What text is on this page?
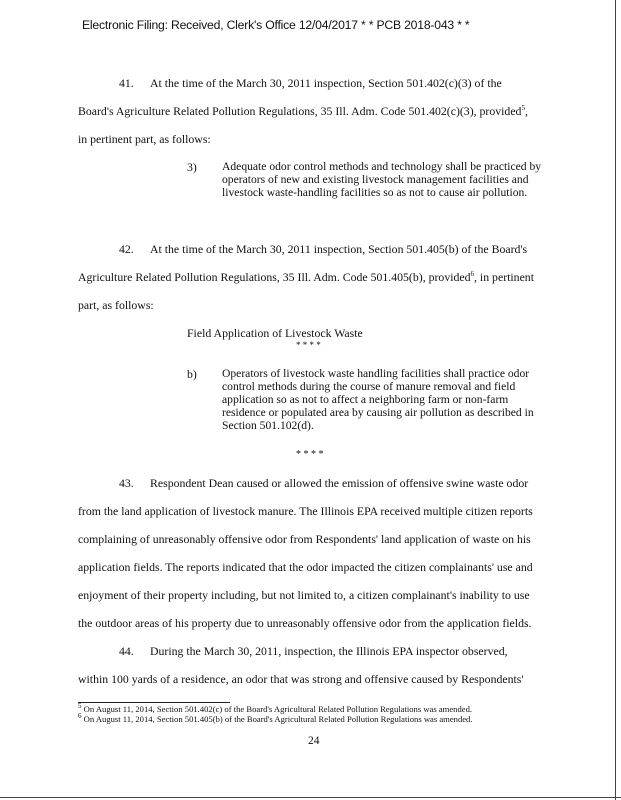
Electronic Filing: Received, Clerk's Office 12/04/2017 * * PCB 2018-043 * *
41. At the time of the March 30, 2011 inspection, Section 501.402(c)(3) of the
Board's Agriculture Related Pollution Regulations, 35 Ill. Adm. Code 501.402(c)(3), provided$^5$,
in pertinent part, as follows:
3) Adequate odor control methods and technology shall be practiced by operators of new and existing livestock management facilities and livestock waste-handling facilities so as not to cause air pollution.
42. At the time of the March 30, 2011 inspection, Section 501.405(b) of the Board's
Agriculture Related Pollution Regulations, 35 Ill. Adm. Code 501.405(b), provided$^6$, in pertinent
part, as follows:
Field Application of Livestock Waste
* * * *
b) Operators of livestock waste handling facilities shall practice odor control methods during the course of manure removal and field application so as not to affect a neighboring farm or non-farm residence or populated area by causing air pollution as described in Section 501.102(d).
* * * *
43. Respondent Dean caused or allowed the emission of offensive swine waste odor
from the land application of livestock manure. The Illinois EPA received multiple citizen reports
complaining of unreasonably offensive odor from Respondents' land application of waste on his
application fields. The reports indicated that the odor impacted the citizen complainants' use and
enjoyment of their property including, but not limited to, a citizen complainant's inability to use
the outdoor areas of his property due to unreasonably offensive odor from the application fields.
44. During the March 30, 2011, inspection, the Illinois EPA inspector observed,
within 100 yards of a residence, an odor that was strong and offensive caused by Respondents'
$^5$ On August 11, 2014, Section 501.402(c) of the Board's Agricultural Related Pollution Regulations was amended.
$^6$ On August 11, 2014, Section 501.405(b) of the Board's Agricultural Related Pollution Regulations was amended.
24
